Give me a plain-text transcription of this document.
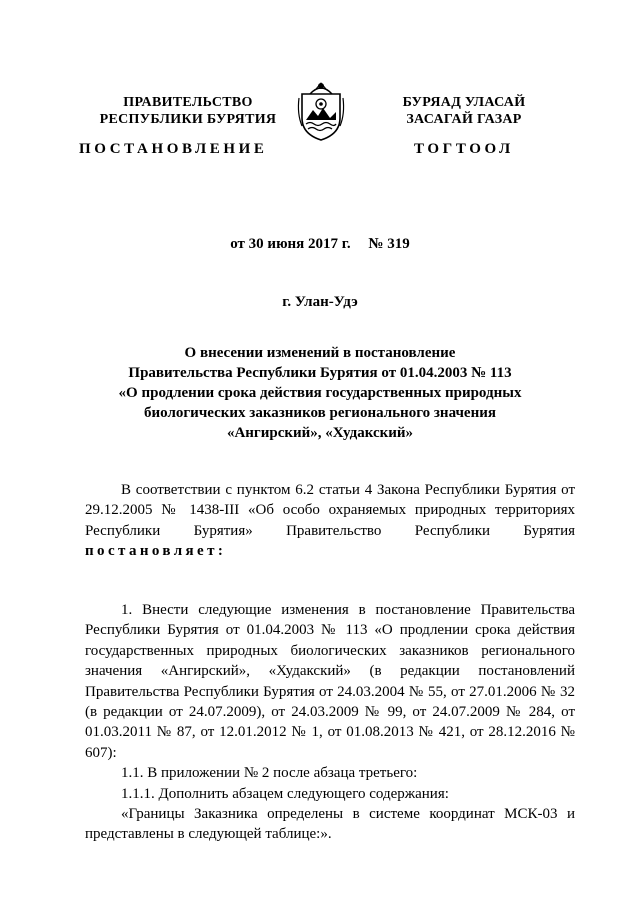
ПРАВИТЕЛЬСТВО
РЕСПУБЛИКИ БУРЯТИЯ
БУРЯАД УЛАСАЙ
ЗАСАГАЙ ГАЗАР
ПОСТАНОВЛЕНИЕ	ТОГТООЛ
от 30 июня 2017 г. № 319
г. Улан-Удэ
О внесении изменений в постановление
Правительства Республики Бурятия от 01.04.2003 № 113
«О продлении срока действия государственных природных
биологических заказников регионального значения
«Ангирский», «Худакский»

В соответствии с пунктом 6.2 статьи 4 Закона Республики Бурятия от 29.12.2005 № 1438-III «Об особо охраняемых природных территориях Республики Бурятия» Правительство Республики Бурятия постановляет:

1. Внести следующие изменения в постановление Правительства Республики Бурятия от 01.04.2003 № 113 «О продлении срока действия государственных природных биологических заказников регионального значения «Ангирский», «Худакский» (в редакции постановлений Правительства Республики Бурятия от 24.03.2004 № 55, от 27.01.2006 № 32 (в редакции от 24.07.2009), от 24.03.2009 № 99, от 24.07.2009 № 284, от 01.03.2011 № 87, от 12.01.2012 № 1, от 01.08.2013 № 421, от 28.12.2016 № 607):

1.1. В приложении № 2 после абзаца третьего:

1.1.1. Дополнить абзацем следующего содержания:

«Границы Заказника определены в системе координат МСК-03 и представлены в следующей таблице:».
